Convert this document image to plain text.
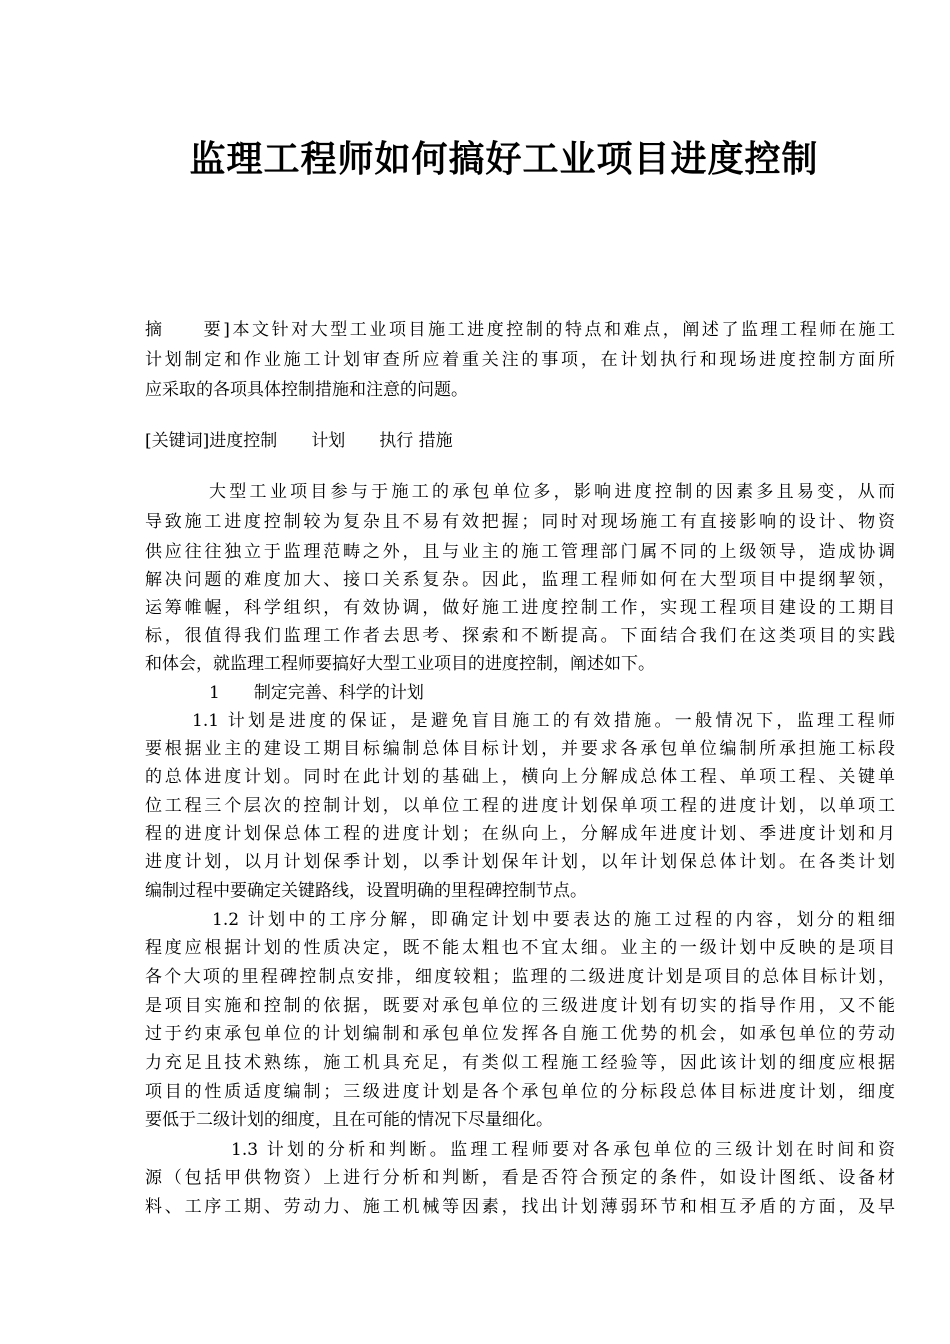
监理工程师如何搞好工业项目进度控制
摘　　要]本文针对大型工业项目施工进度控制的特点和难点，阐述了监理工程师在施工
计划制定和作业施工计划审查所应着重关注的事项，在计划执行和现场进度控制方面所
应采取的各项具体控制措施和注意的问题。
[关键词]进度控制　　计划　　执行 措施
大型工业项目参与于施工的承包单位多，影响进度控制的因素多且易变，从而
导致施工进度控制较为复杂且不易有效把握；同时对现场施工有直接影响的设计、物资
供应往往独立于监理范畴之外，且与业主的施工管理部门属不同的上级领导，造成协调
解决问题的难度加大、接口关系复杂。因此，监理工程师如何在大型项目中提纲挈领，
运筹帷幄，科学组织，有效协调，做好施工进度控制工作，实现工程项目建设的工期目
标，很值得我们监理工作者去思考、探索和不断提高。下面结合我们在这类项目的实践
和体会，就监理工程师要搞好大型工业项目的进度控制，阐述如下。
1　　制定完善、科学的计划
1.1 计划是进度的保证，是避免盲目施工的有效措施。一般情况下，监理工程师
要根据业主的建设工期目标编制总体目标计划，并要求各承包单位编制所承担施工标段
的总体进度计划。同时在此计划的基础上，横向上分解成总体工程、单项工程、关键单
位工程三个层次的控制计划，以单位工程的进度计划保单项工程的进度计划，以单项工
程的进度计划保总体工程的进度计划；在纵向上，分解成年进度计划、季进度计划和月
进度计划，以月计划保季计划，以季计划保年计划，以年计划保总体计划。在各类计划
编制过程中要确定关键路线，设置明确的里程碑控制节点。
1.2 计划中的工序分解，即确定计划中要表达的施工过程的内容，划分的粗细
程度应根据计划的性质决定，既不能太粗也不宜太细。业主的一级计划中反映的是项目
各个大项的里程碑控制点安排，细度较粗；监理的二级进度计划是项目的总体目标计划，
是项目实施和控制的依据，既要对承包单位的三级进度计划有切实的指导作用，又不能
过于约束承包单位的计划编制和承包单位发挥各自施工优势的机会，如承包单位的劳动
力充足且技术熟练，施工机具充足，有类似工程施工经验等，因此该计划的细度应根据
项目的性质适度编制；三级进度计划是各个承包单位的分标段总体目标进度计划，细度
要低于二级计划的细度，且在可能的情况下尽量细化。
1.3 计划的分析和判断。监理工程师要对各承包单位的三级计划在时间和资
源（包括甲供物资）上进行分析和判断，看是否符合预定的条件，如设计图纸、设备材
料、工序工期、劳动力、施工机械等因素，找出计划薄弱环节和相互矛盾的方面，及早
